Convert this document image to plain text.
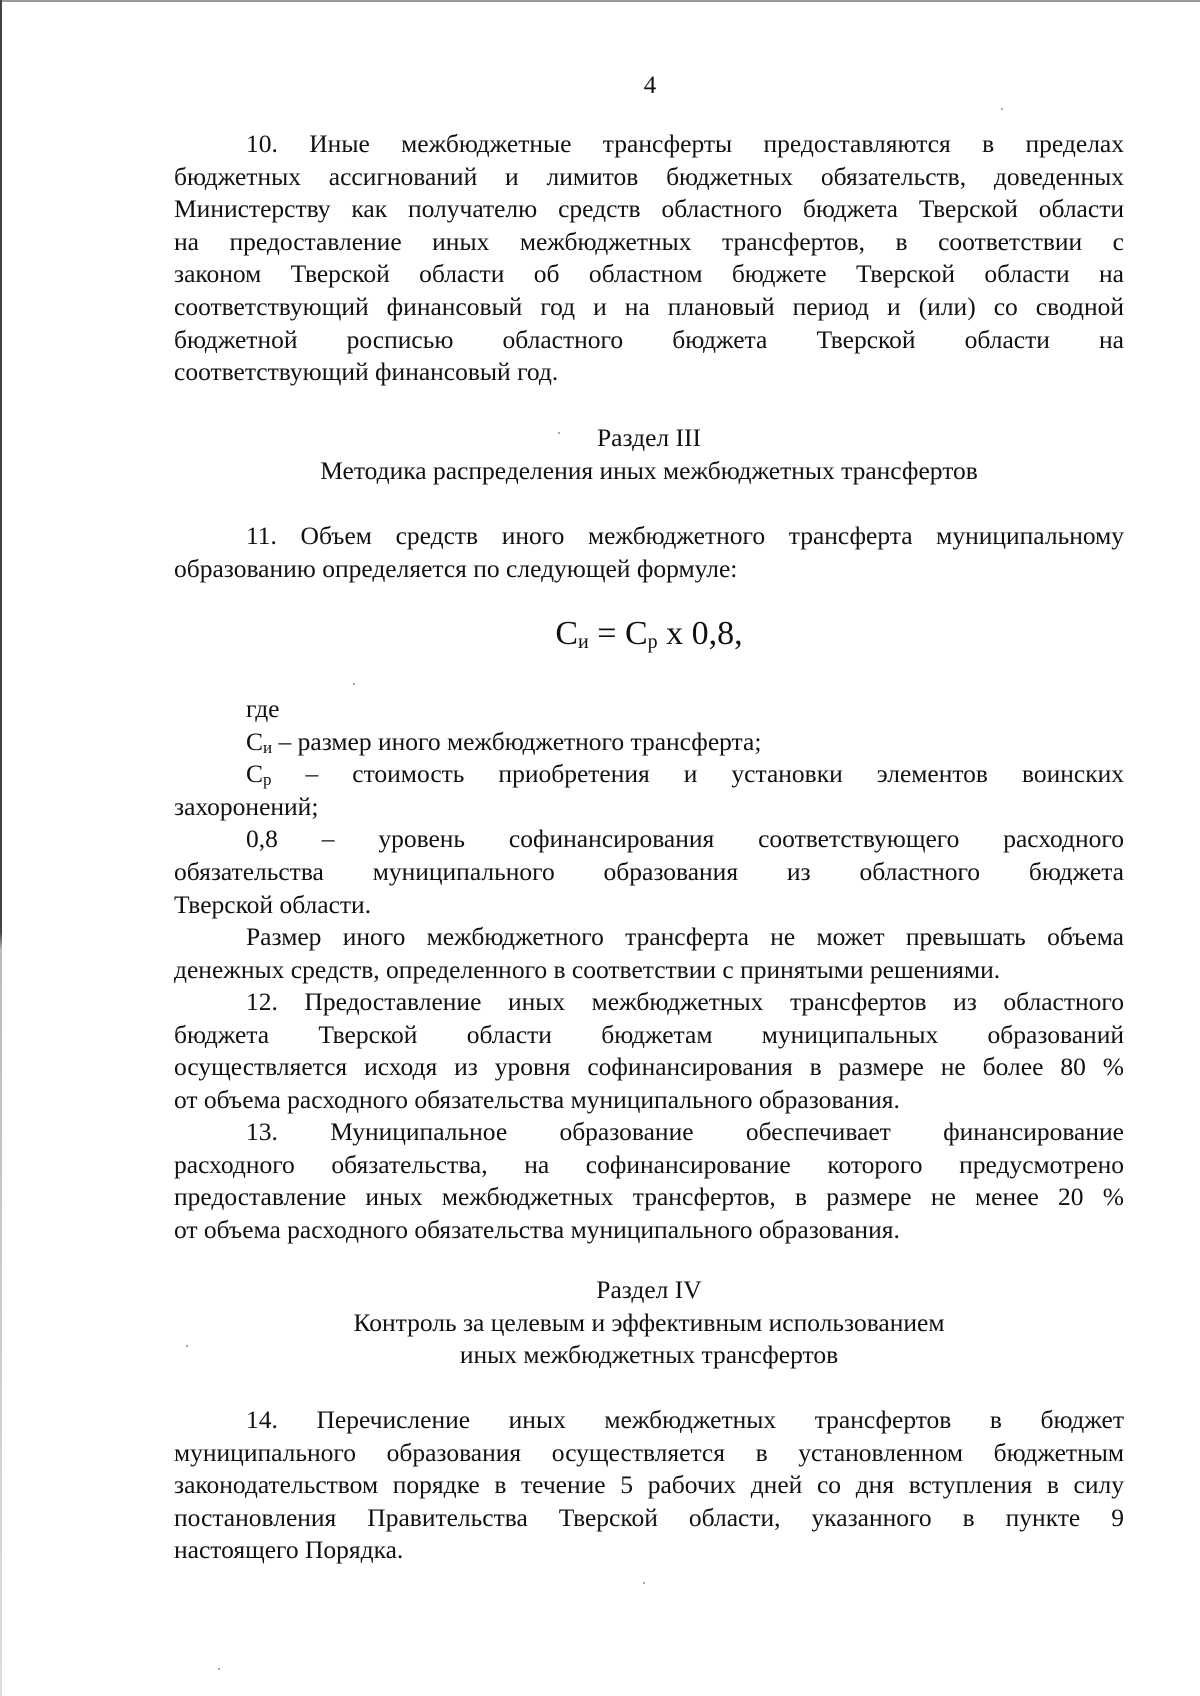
4

10. Иные межбюджетные трансферты предоставляются в пределах

бюджетных ассигнований и лимитов бюджетных обязательств, доведенных

Министерству как получателю средств областного бюджета Тверской области

на предоставление иных межбюджетных трансфертов, в соответствии с

законом Тверской области об областном бюджете Тверской области на

соответствующий финансовый год и на плановый период и (или) со сводной

бюджетной росписью областного бюджета Тверской области на

соответствующий финансовый год.

Раздел III

Методика распределения иных межбюджетных трансфертов

11. Объем средств иного межбюджетного трансферта муниципальному

образованию определяется по следующей формуле:

$С_и = С_р$ х 0,8,

где

$С_и$ – размер иного межбюджетного трансферта;

$С_р$ – стоимость приобретения и установки элементов воинских

захоронений;

0,8 – уровень софинансирования соответствующего расходного

обязательства муниципального образования из областного бюджета

Тверской области.

Размер иного межбюджетного трансферта не может превышать объема

денежных средств, определенного в соответствии с принятыми решениями.

12. Предоставление иных межбюджетных трансфертов из областного

бюджета Тверской области бюджетам муниципальных образований

осуществляется исходя из уровня софинансирования в размере не более 80 %

от объема расходного обязательства муниципального образования.

13. Муниципальное образование обеспечивает финансирование

расходного обязательства, на софинансирование которого предусмотрено

предоставление иных межбюджетных трансфертов, в размере не менее 20 %

от объема расходного обязательства муниципального образования.

Раздел IV

Контроль за целевым и эффективным использованием

иных межбюджетных трансфертов

14. Перечисление иных межбюджетных трансфертов в бюджет

муниципального образования осуществляется в установленном бюджетным

законодательством порядке в течение 5 рабочих дней со дня вступления в силу

постановления Правительства Тверской области, указанного в пункте 9

настоящего Порядка.
